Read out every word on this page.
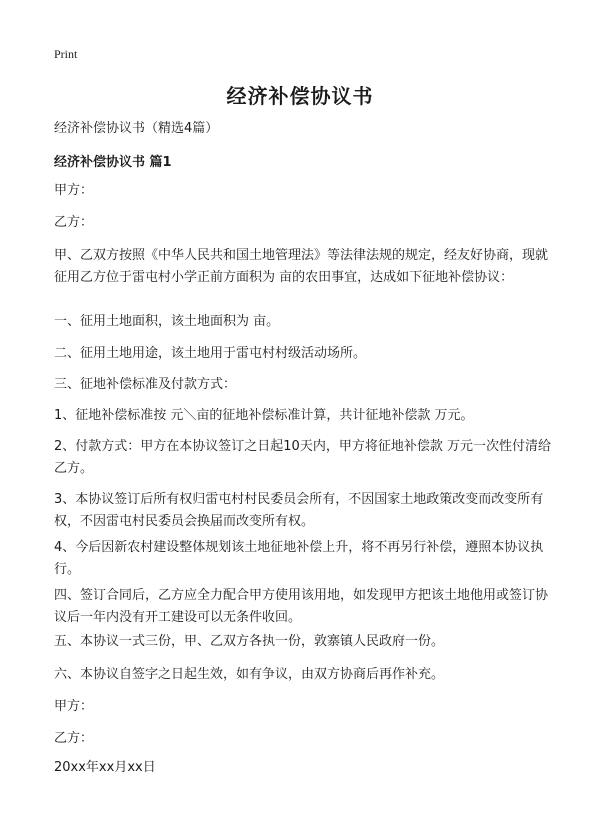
Print
经济补偿协议书

经济补偿协议书（精选4篇）

经济补偿协议书 篇1

甲方：

乙方：

甲、乙双方按照《中华人民共和国土地管理法》等法律法规的规定，经友好协商，现就征用乙方位于雷屯村小学正前方面积为 亩的农田事宜，达成如下征地补偿协议：

一、征用土地面积，该土地面积为 亩。

二、征用土地用途，该土地用于雷屯村村级活动场所。

三、征地补偿标准及付款方式：

1、征地补偿标准按 元＼亩的征地补偿标准计算，共计征地补偿款 万元。

2、付款方式：甲方在本协议签订之日起10天内，甲方将征地补偿款 万元一次性付清给乙方。

3、本协议签订后所有权归雷屯村村民委员会所有，不因国家土地政策改变而改变所有权，不因雷屯村民委员会换届而改变所有权。

4、今后因新农村建设整体规划该土地征地补偿上升，将不再另行补偿，遵照本协议执行。

四、签订合同后，乙方应全力配合甲方使用该用地，如发现甲方把该土地他用或签订协议后一年内没有开工建设可以无条件收回。

五、本协议一式三份，甲、乙双方各执一份，敦寨镇人民政府一份。

六、本协议自签字之日起生效，如有争议，由双方协商后再作补充。

甲方：

乙方：

20xx年xx月xx日
